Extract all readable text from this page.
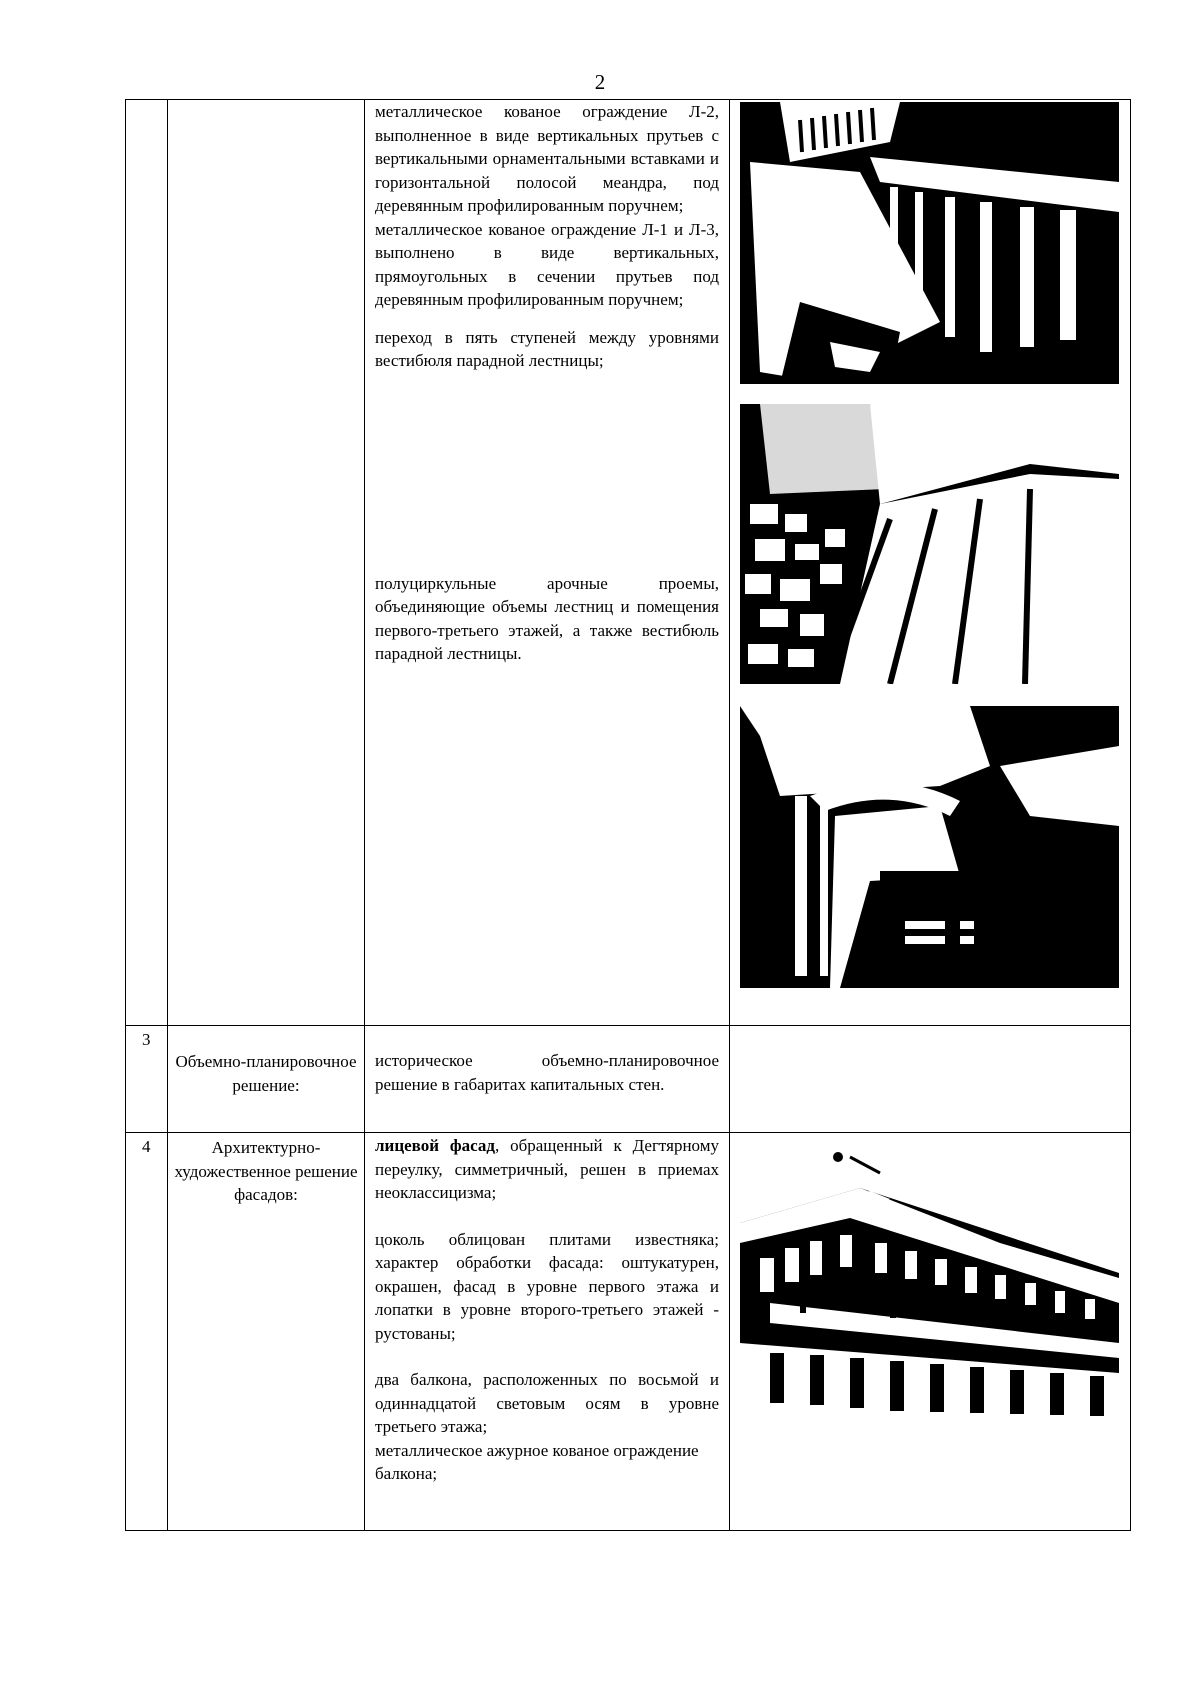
2

		металлическое кованое ограждение Л-2, выполненное в виде вертикальных прутьев с вертикальными орнаментальными вставками и горизонтальной полосой меандра, под деревянным профилированным поручнем;

металлическое кованое ограждение Л-1 и Л-3, выполнено в виде вертикальных, прямоугольных в сечении прутьев под деревянным профилированным поручнем;

переход в пять ступеней между уровнями вестибюля парадной лестницы;

полуциркульные арочные проемы, объединяющие объемы лестниц и помещения первого-третьего этажей, а также вестибюль парадной лестницы.

3	Объемно-планировочное решение:	историческое объемно-планировочное решение в габаритах капитальных стен.	

4	Архитектурно-художественное решение фасадов:	лицевой фасад, обращенный к Дегтярному переулку, симметричный, решен в приемах неоклассицизма;

цоколь облицован плитами известняка; характер обработки фасада: оштукатурен, окрашен, фасад в уровне первого этажа и лопатки в уровне второго-третьего этажей - рустованы;

два балкона, расположенных по восьмой и одиннадцатой световым осям в уровне третьего этажа;

металлическое ажурное кованое ограждение балкона;
